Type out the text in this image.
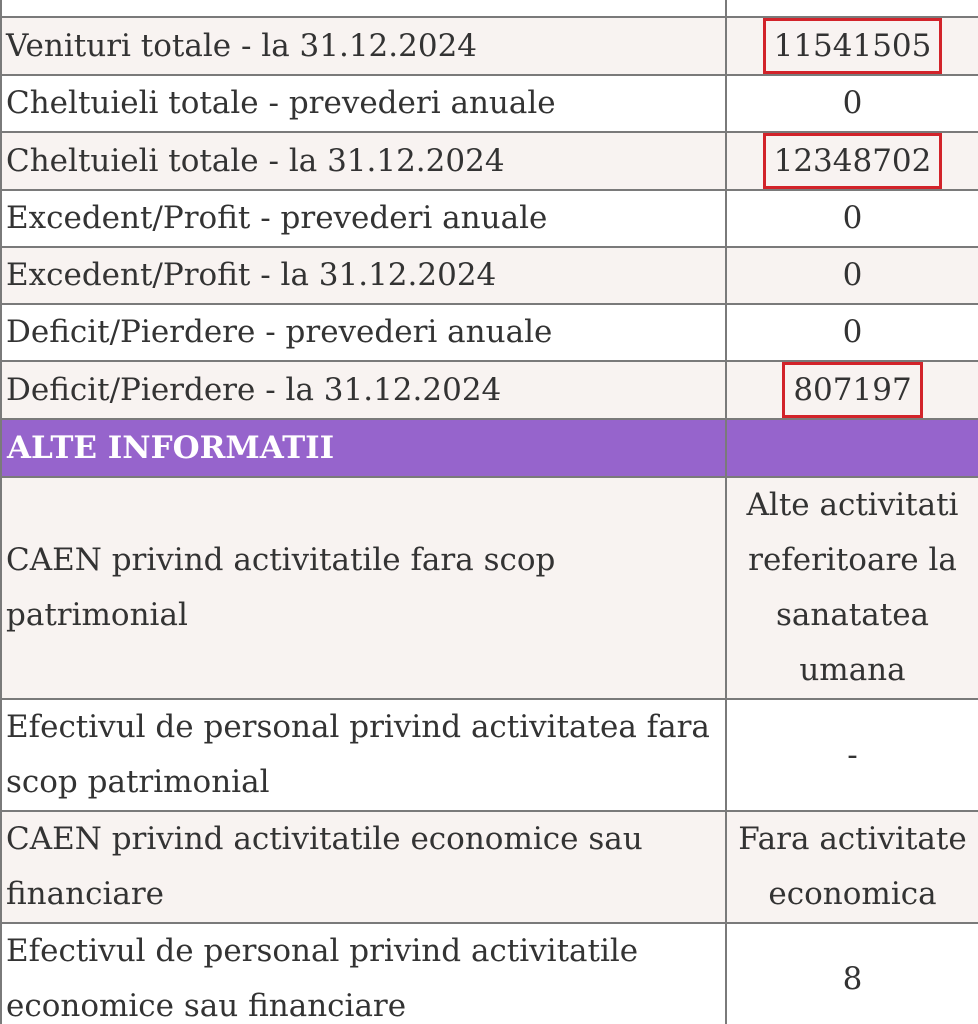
Venituri totale - la 31.12.2024	11541505
Cheltuieli totale - prevederi anuale	0
Cheltuieli totale - la 31.12.2024	12348702
Excedent/Profit - prevederi anuale	0
Excedent/Profit - la 31.12.2024	0
Deficit/Pierdere - prevederi anuale	0
Deficit/Pierdere - la 31.12.2024	807197
ALTE INFORMATII	
CAEN privind activitatile fara scop patrimonial	Alte activitati referitoare la sanatatea umana
Efectivul de personal privind activitatea fara scop patrimonial	-
CAEN privind activitatile economice sau financiare	Fara activitate economica
Efectivul de personal privind activitatile economice sau financiare	8
